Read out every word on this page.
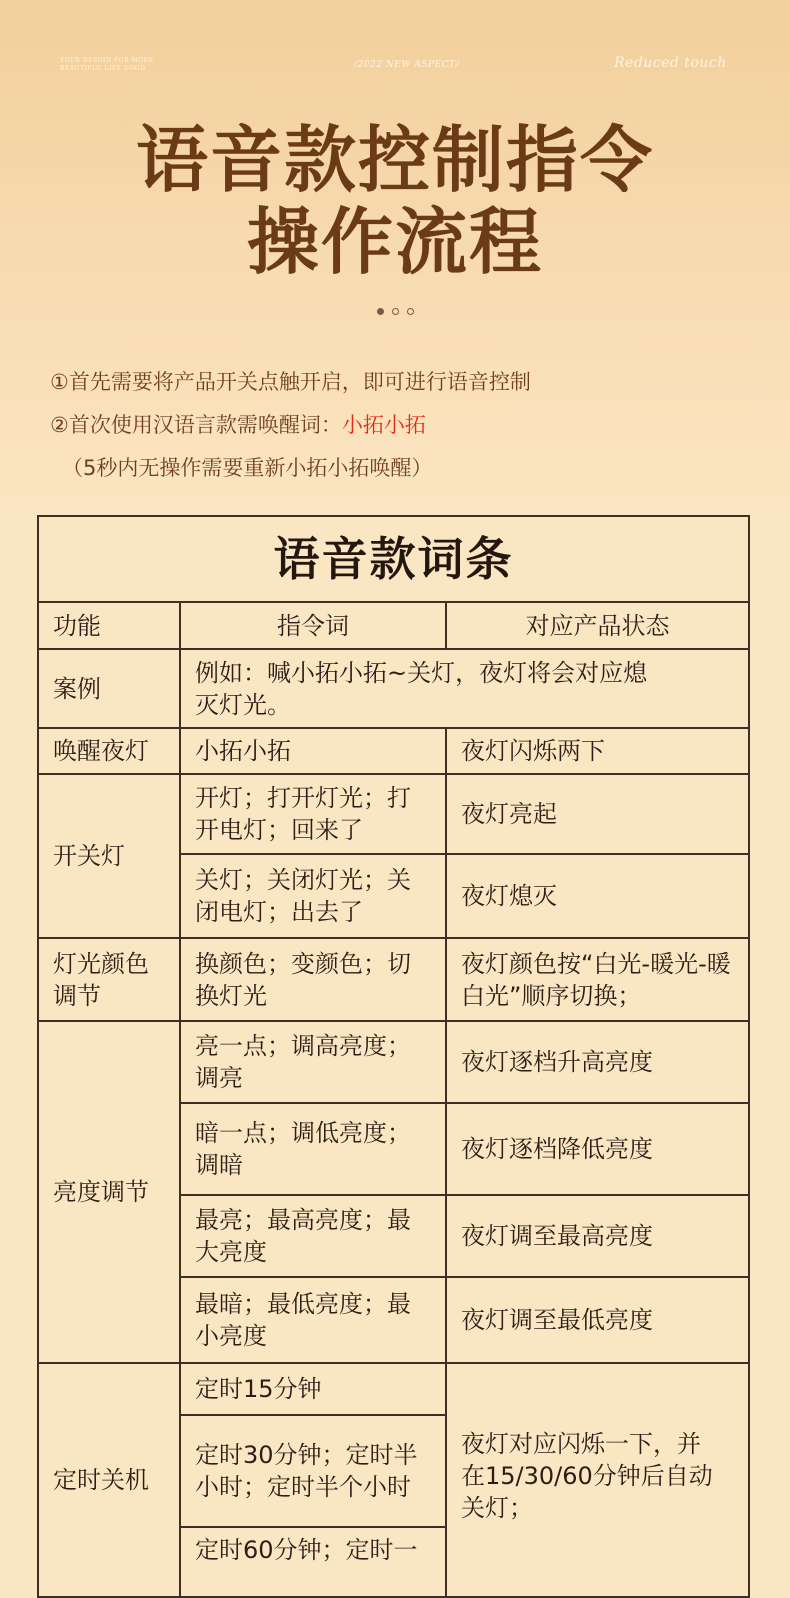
YOUR DESIGN FOR MORE BEAUTIFUL LIFE GOOD	/2022 NEW ASPECT/	Reduced touch
语音款控制指令
操作流程

①首先需要将产品开关点触开启，即可进行语音控制
②首次使用汉语言款需唤醒词：小拓小拓
（5秒内无操作需要重新小拓小拓唤醒）
语音款词条		
功能	指令词	对应产品状态
案例	例如：喊小拓小拓~关灯，夜灯将会对应熄灭灯光。	
唤醒夜灯	小拓小拓	夜灯闪烁两下
开关灯	开灯；打开灯光；打开电灯；回来了	夜灯亮起
	关灯；关闭灯光；关闭电灯；出去了	夜灯熄灭
灯光颜色调节	换颜色；变颜色；切换灯光	夜灯颜色按“白光-暖光-暖白光”顺序切换；
亮度调节	亮一点；调高亮度；调亮	夜灯逐档升高亮度
	暗一点；调低亮度；调暗	夜灯逐档降低亮度
	最亮；最高亮度；最大亮度	夜灯调至最高亮度
	最暗；最低亮度；最小亮度	夜灯调至最低亮度
定时关机	定时15分钟	夜灯对应闪烁一下，并在15/30/60分钟后自动关灯；
	定时30分钟；定时半小时；定时半个小时	
	定时60分钟；定时一	
